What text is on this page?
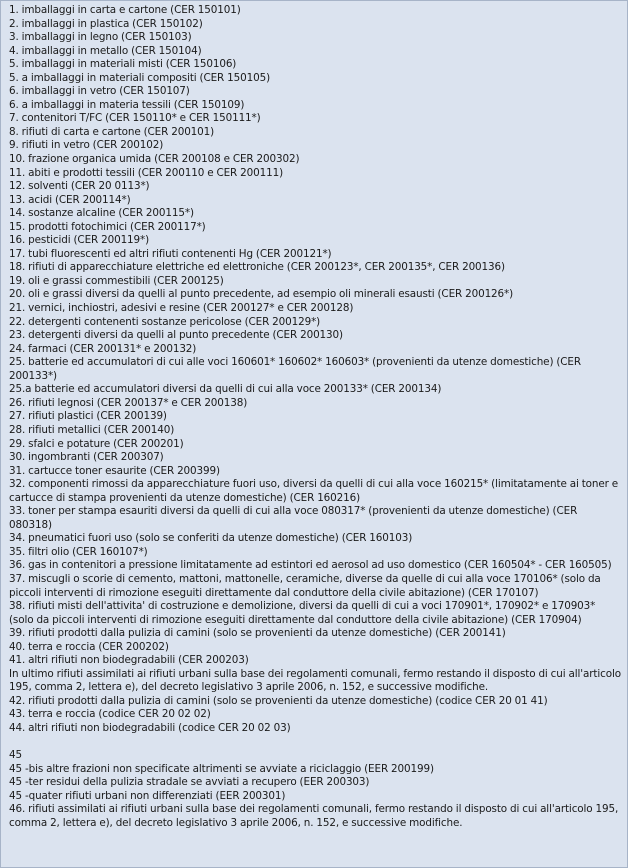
1. imballaggi in carta e cartone (CER 150101)
2. imballaggi in plastica (CER 150102)
3. imballaggi in legno (CER 150103)
4. imballaggi in metallo (CER 150104)
5. imballaggi in materiali misti (CER 150106)
5. a imballaggi in materiali compositi (CER 150105)
6. imballaggi in vetro (CER 150107)
6. a imballaggi in materia tessili (CER 150109)
7. contenitori T/FC (CER 150110* e CER 150111*)
8. rifiuti di carta e cartone (CER 200101)
9. rifiuti in vetro (CER 200102)
10. frazione organica umida (CER 200108 e CER 200302)
11. abiti e prodotti tessili (CER 200110 e CER 200111)
12. solventi (CER 20 0113*)
13. acidi (CER 200114*)
14. sostanze alcaline (CER 200115*)
15. prodotti fotochimici (CER 200117*)
16. pesticidi (CER 200119*)
17. tubi fluorescenti ed altri rifiuti contenenti Hg (CER 200121*)
18. rifiuti di apparecchiature elettriche ed elettroniche (CER 200123*, CER 200135*, CER 200136)
19. oli e grassi commestibili (CER 200125)
20. oli e grassi diversi da quelli al punto precedente, ad esempio oli minerali esausti (CER 200126*)
21. vernici, inchiostri, adesivi e resine (CER 200127* e CER 200128)
22. detergenti contenenti sostanze pericolose (CER 200129*)
23. detergenti diversi da quelli al punto precedente (CER 200130)
24. farmaci (CER 200131* e 200132)
25. batterie ed accumulatori di cui alle voci 160601* 160602* 160603* (provenienti da utenze domestiche) (CER 200133*)
25.a batterie ed accumulatori diversi da quelli di cui alla voce 200133* (CER 200134)
26. rifiuti legnosi (CER 200137* e CER 200138)
27. rifiuti plastici (CER 200139)
28. rifiuti metallici (CER 200140)
29. sfalci e potature (CER 200201)
30. ingombranti (CER 200307)
31. cartucce toner esaurite (CER 200399)
32. componenti rimossi da apparecchiature fuori uso, diversi da quelli di cui alla voce 160215* (limitatamente ai toner e cartucce di stampa provenienti da utenze domestiche) (CER 160216)
33. toner per stampa esauriti diversi da quelli di cui alla voce 080317* (provenienti da utenze domestiche) (CER 080318)
34. pneumatici fuori uso (solo se conferiti da utenze domestiche) (CER 160103)
35. filtri olio (CER 160107*)
36. gas in contenitori a pressione limitatamente ad estintori ed aerosol ad uso domestico (CER 160504* - CER 160505)
37. miscugli o scorie di cemento, mattoni, mattonelle, ceramiche, diverse da quelle di cui alla voce 170106* (solo da piccoli interventi di rimozione eseguiti direttamente dal conduttore della civile abitazione) (CER 170107)
38. rifiuti misti dell'attivita' di costruzione e demolizione, diversi da quelli di cui a voci 170901*, 170902* e 170903* (solo da piccoli interventi di rimozione eseguiti direttamente dal conduttore della civile abitazione) (CER 170904)
39. rifiuti prodotti dalla pulizia di camini (solo se provenienti da utenze domestiche) (CER 200141)
40. terra e roccia (CER 200202)
41. altri rifiuti non biodegradabili (CER 200203)
In ultimo rifiuti assimilati ai rifiuti urbani sulla base dei regolamenti comunali, fermo restando il disposto di cui all'articolo 195, comma 2, lettera e), del decreto legislativo 3 aprile 2006, n. 152, e successive modifiche.
42. rifiuti prodotti dalla pulizia di camini (solo se provenienti da utenze domestiche) (codice CER 20 01 41)
43. terra e roccia (codice CER 20 02 02)
44. altri rifiuti non biodegradabili (codice CER 20 02 03)
45
45 -bis altre frazioni non specificate altrimenti se avviate a riciclaggio (EER 200199)
45 -ter residui della pulizia stradale se avviati a recupero (EER 200303)
45 -quater rifiuti urbani non differenziati (EER 200301)
46. rifiuti assimilati ai rifiuti urbani sulla base dei regolamenti comunali, fermo restando il disposto di cui all'articolo 195, comma 2, lettera e), del decreto legislativo 3 aprile 2006, n. 152, e successive modifiche.
